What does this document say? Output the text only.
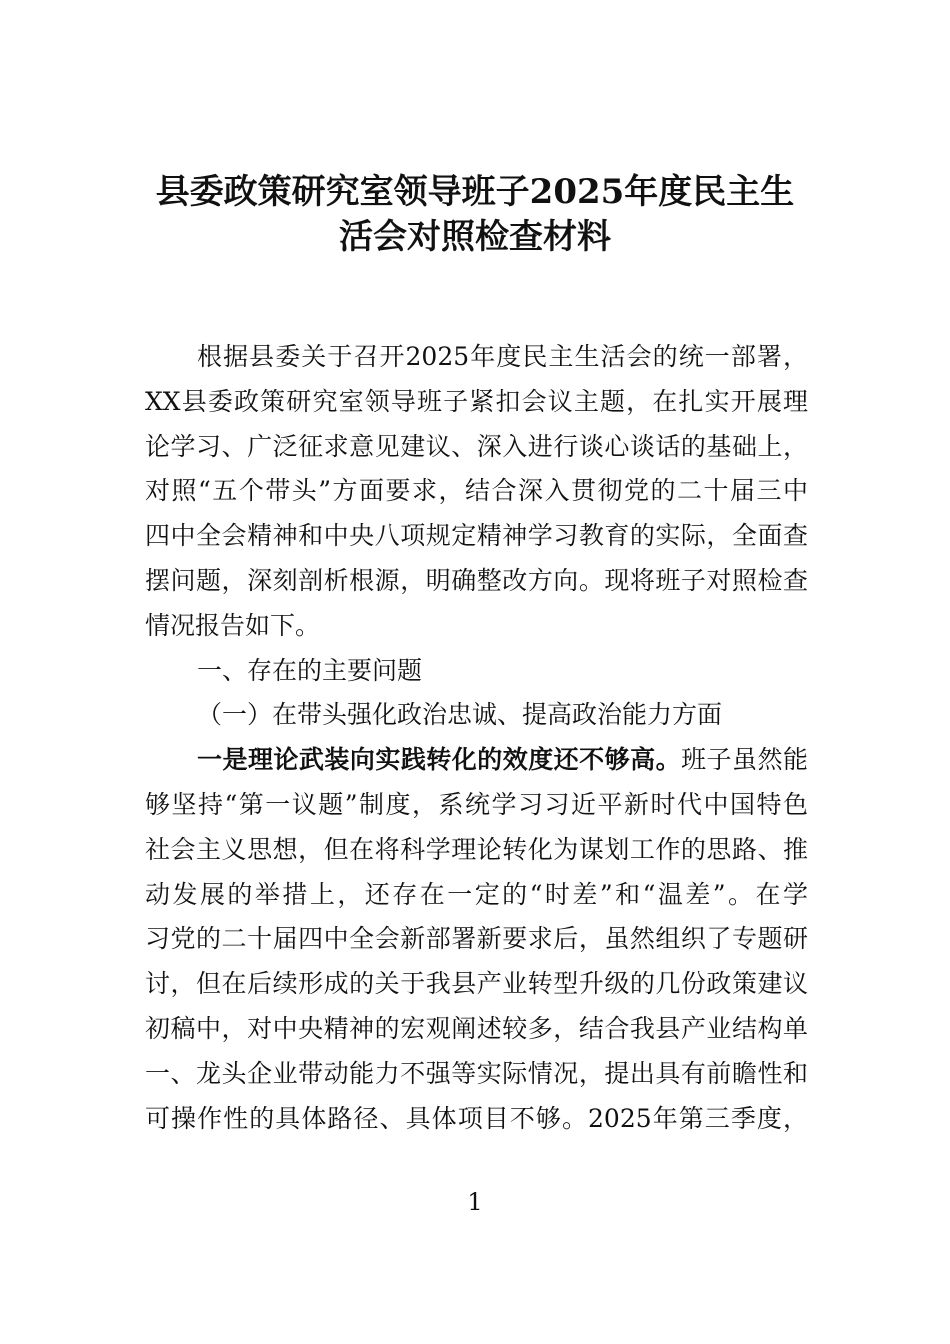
县委政策研究室领导班子2025年度民主生
活会对照检查材料
根据县委关于召开2025年度民主生活会的统一部署，
XX县委政策研究室领导班子紧扣会议主题，在扎实开展理
论学习、广泛征求意见建议、深入进行谈心谈话的基础上，
对照“五个带头”方面要求，结合深入贯彻党的二十届三中
四中全会精神和中央八项规定精神学习教育的实际，全面查
摆问题，深刻剖析根源，明确整改方向。现将班子对照检查
情况报告如下。
一、存在的主要问题
（一）在带头强化政治忠诚、提高政治能力方面
一是理论武装向实践转化的效度还不够高。班子虽然能
够坚持“第一议题”制度，系统学习习近平新时代中国特色
社会主义思想，但在将科学理论转化为谋划工作的思路、推
动发展的举措上，还存在一定的“时差”和“温差”。在学
习党的二十届四中全会新部署新要求后，虽然组织了专题研
讨，但在后续形成的关于我县产业转型升级的几份政策建议
初稿中，对中央精神的宏观阐述较多，结合我县产业结构单
一、龙头企业带动能力不强等实际情况，提出具有前瞻性和
可操作性的具体路径、具体项目不够。2025年第三季度，
1
